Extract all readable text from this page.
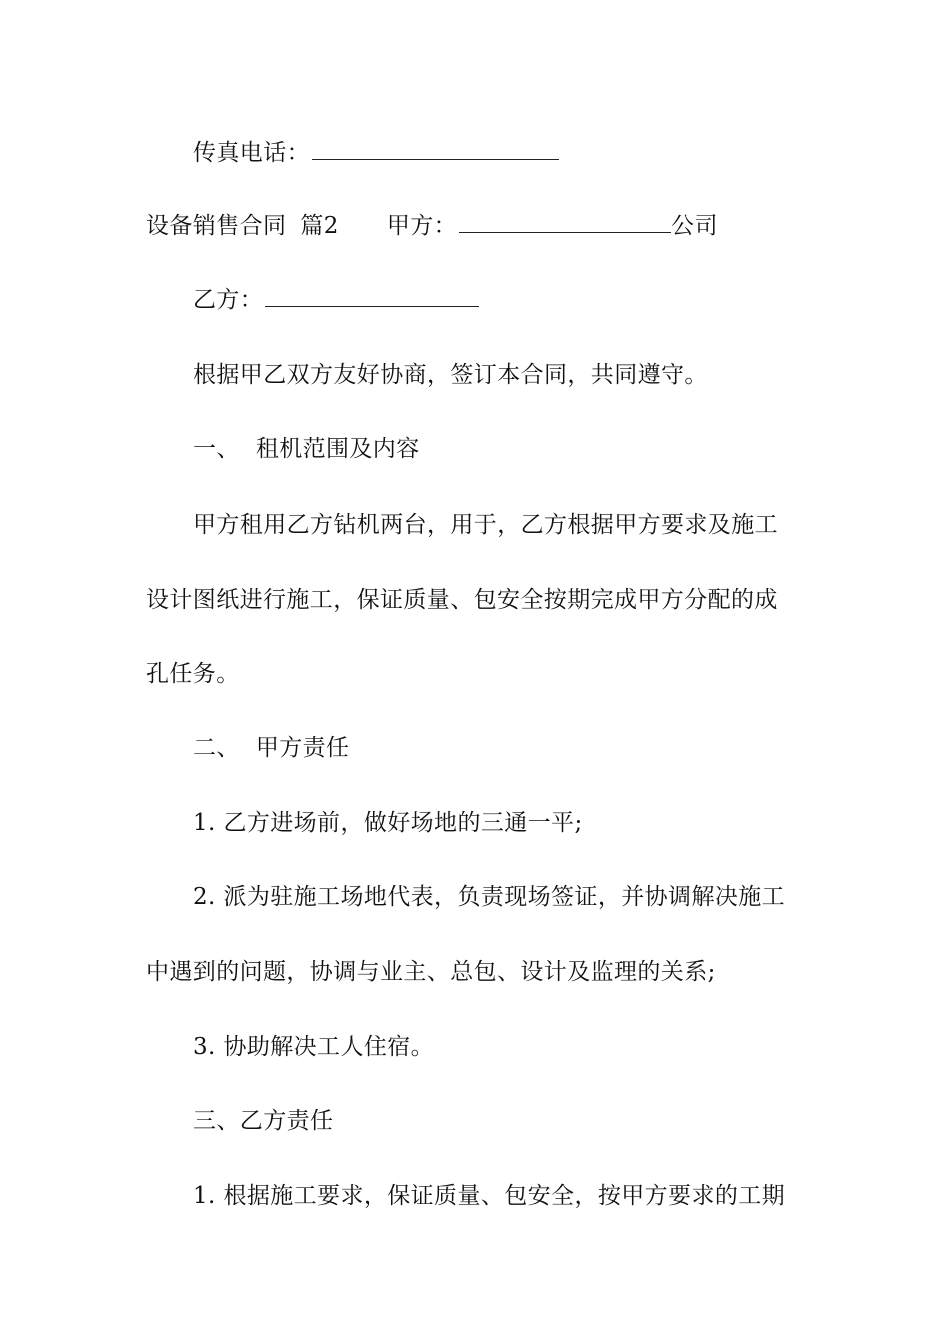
传真电话：
设备销售合同 篇2 甲方：	公司
乙方：
根据甲乙双方友好协商，签订本合同，共同遵守。
一、 租机范围及内容
甲方租用乙方钻机两台，用于，乙方根据甲方要求及施工
设计图纸进行施工，保证质量、包安全按期完成甲方分配的成
孔任务。
二、 甲方责任
1. 乙方进场前，做好场地的三通一平;
2. 派为驻施工场地代表，负责现场签证，并协调解决施工
中遇到的问题，协调与业主、总包、设计及监理的关系;
3. 协助解决工人住宿。
三、乙方责任
1. 根据施工要求，保证质量、包安全，按甲方要求的工期
